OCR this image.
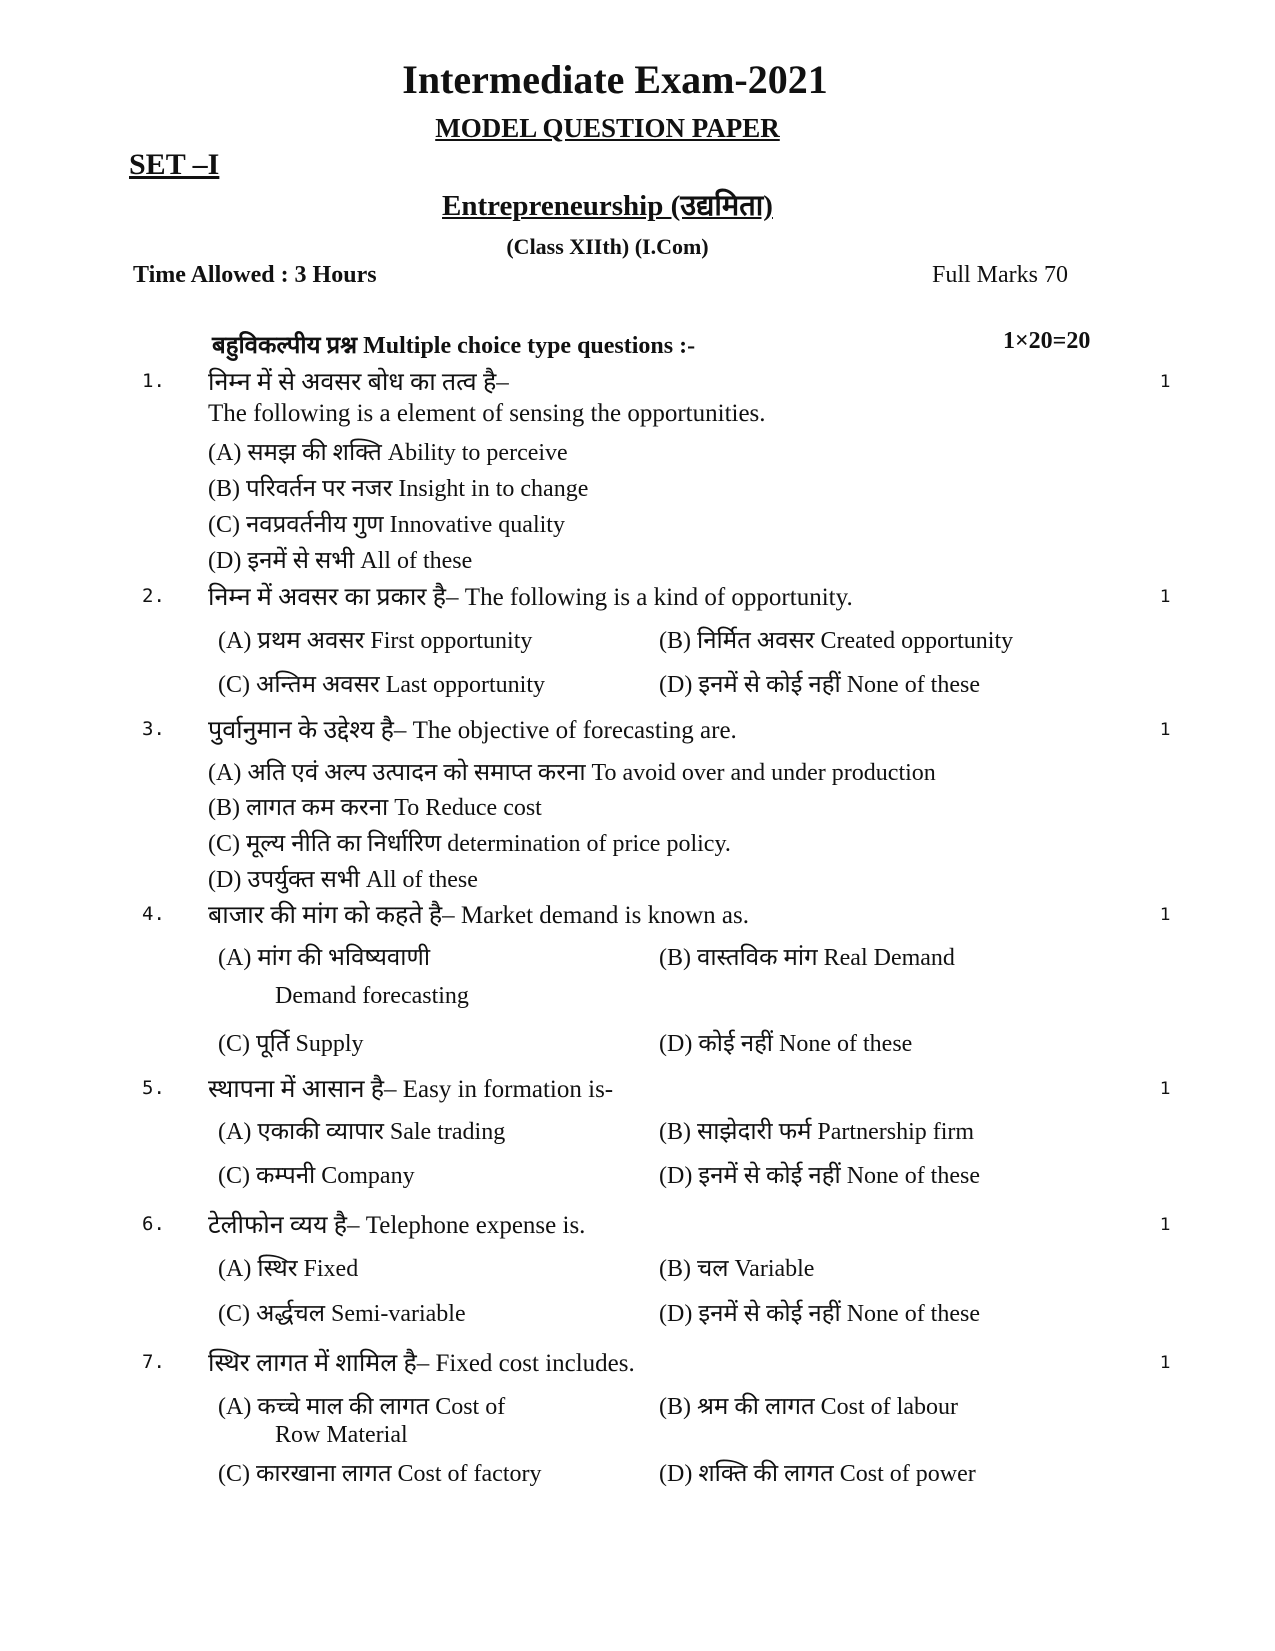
Intermediate Exam-2021
MODEL QUESTION PAPER
SET –I
Entrepreneurship (उद्यमिता)
(Class XIIth) (I.Com)
Time Allowed : 3 Hours	Full Marks 70
बहुविकल्पीय प्रश्न Multiple choice type questions :-	1×20=20
1. निम्न में से अवसर बोध का तत्व है–	1
The following is a element of sensing the opportunities.
(A) समझ की शक्ति Ability to perceive
(B) परिवर्तन पर नजर Insight in to change
(C) नवप्रवर्तनीय गुण Innovative quality
(D) इनमें से सभी All of these
2. निम्न में अवसर का प्रकार है– The following is a kind of opportunity.	1
(A) प्रथम अवसर First opportunity	(B) निर्मित अवसर Created opportunity
(C) अन्तिम अवसर Last opportunity	(D) इनमें से कोई नहीं None of these
3. पुर्वानुमान के उद्देश्य है– The objective of forecasting are.	1
(A) अति एवं अल्प उत्पादन को समाप्त करना To avoid over and under production
(B) लागत कम करना To Reduce cost
(C) मूल्य नीति का निर्धारिण determination of price policy.
(D) उपर्युक्त सभी All of these
4. बाजार की मांग को कहते है– Market demand is known as.	1
(A) मांग की भविष्यवाणी
Demand forecasting
(B) वास्तविक मांग Real Demand
(C) पूर्ति Supply	(D) कोई नहीं None of these
5. स्थापना में आसान है– Easy in formation is-	1
(A) एकाकी व्यापार Sale trading	(B) साझेदारी फर्म Partnership firm
(C) कम्पनी Company	(D) इनमें से कोई नहीं None of these
6. टेलीफोन व्यय है– Telephone expense is.	1
(A) स्थिर Fixed	(B) चल Variable
(C) अर्द्धचल Semi-variable	(D) इनमें से कोई नहीं None of these
7. स्थिर लागत में शामिल है– Fixed cost includes.	1
(A) कच्चे माल की लागत Cost of
Row Material
(B) श्रम की लागत Cost of labour
(C) कारखाना लागत Cost of factory	(D) शक्ति की लागत Cost of power
